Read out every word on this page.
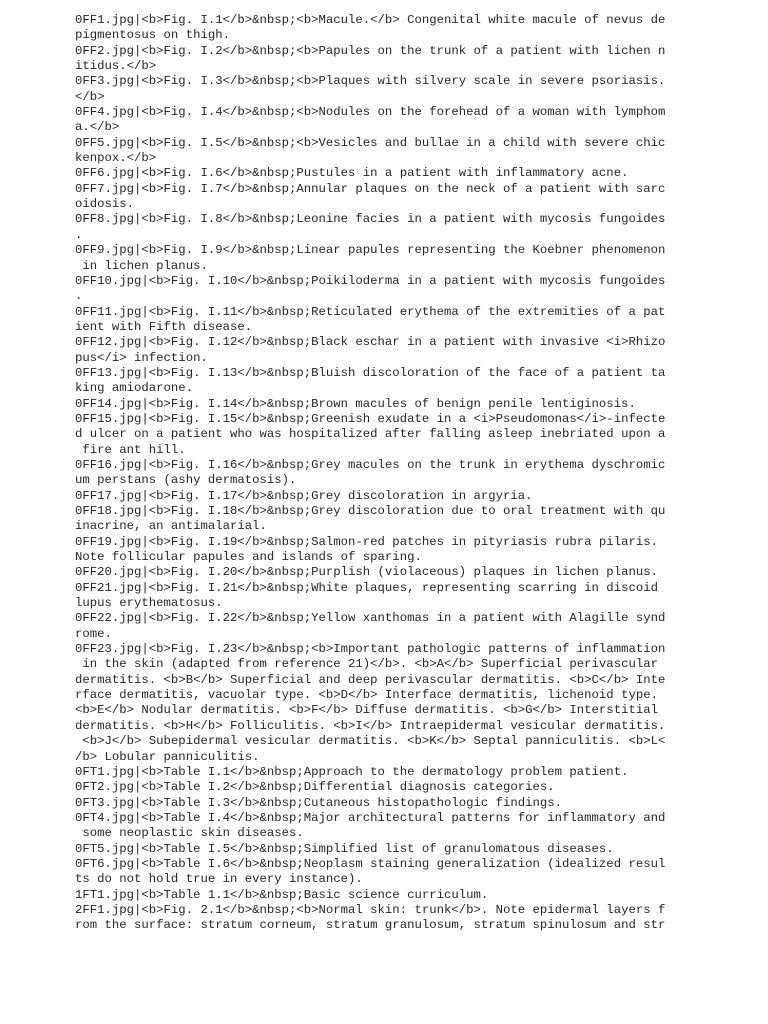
0FF1.jpg|<b>Fig. I.1</b>&nbsp;<b>Macule.</b> Congenital white macule of nevus de
pigmentosus on thigh.
0FF2.jpg|<b>Fig. I.2</b>&nbsp;<b>Papules on the trunk of a patient with lichen n
itidus.</b>
0FF3.jpg|<b>Fig. I.3</b>&nbsp;<b>Plaques with silvery scale in severe psoriasis.
</b>
0FF4.jpg|<b>Fig. I.4</b>&nbsp;<b>Nodules on the forehead of a woman with lymphom
a.</b>
0FF5.jpg|<b>Fig. I.5</b>&nbsp;<b>Vesicles and bullae in a child with severe chic
kenpox.</b>
0FF6.jpg|<b>Fig. I.6</b>&nbsp;Pustules in a patient with inflammatory acne.
0FF7.jpg|<b>Fig. I.7</b>&nbsp;Annular plaques on the neck of a patient with sarc
oidosis.
0FF8.jpg|<b>Fig. I.8</b>&nbsp;Leonine facies in a patient with mycosis fungoides
.
0FF9.jpg|<b>Fig. I.9</b>&nbsp;Linear papules representing the Koebner phenomenon
in lichen planus.
0FF10.jpg|<b>Fig. I.10</b>&nbsp;Poikiloderma in a patient with mycosis fungoides
.
0FF11.jpg|<b>Fig. I.11</b>&nbsp;Reticulated erythema of the extremities of a pat
ient with Fifth disease.
0FF12.jpg|<b>Fig. I.12</b>&nbsp;Black eschar in a patient with invasive <i>Rhizo
pus</i> infection.
0FF13.jpg|<b>Fig. I.13</b>&nbsp;Bluish discoloration of the face of a patient ta
king amiodarone.
0FF14.jpg|<b>Fig. I.14</b>&nbsp;Brown macules of benign penile lentiginosis.
0FF15.jpg|<b>Fig. I.15</b>&nbsp;Greenish exudate in a <i>Pseudomonas</i>-infecte
d ulcer on a patient who was hospitalized after falling asleep inebriated upon a
fire ant hill.
0FF16.jpg|<b>Fig. I.16</b>&nbsp;Grey macules on the trunk in erythema dyschromic
um perstans (ashy dermatosis).
0FF17.jpg|<b>Fig. I.17</b>&nbsp;Grey discoloration in argyria.
0FF18.jpg|<b>Fig. I.18</b>&nbsp;Grey discoloration due to oral treatment with qu
inacrine, an antimalarial.
0FF19.jpg|<b>Fig. I.19</b>&nbsp;Salmon-red patches in pityriasis rubra pilaris.
Note follicular papules and islands of sparing.
0FF20.jpg|<b>Fig. I.20</b>&nbsp;Purplish (violaceous) plaques in lichen planus.
0FF21.jpg|<b>Fig. I.21</b>&nbsp;White plaques, representing scarring in discoid
lupus erythematosus.
0FF22.jpg|<b>Fig. I.22</b>&nbsp;Yellow xanthomas in a patient with Alagille synd
rome.
0FF23.jpg|<b>Fig. I.23</b>&nbsp;<b>Important pathologic patterns of inflammation
in the skin (adapted from reference 21)</b>. <b>A</b> Superficial perivascular
dermatitis. <b>B</b> Superficial and deep perivascular dermatitis. <b>C</b> Inte
rface dermatitis, vacuolar type. <b>D</b> Interface dermatitis, lichenoid type.
<b>E</b> Nodular dermatitis. <b>F</b> Diffuse dermatitis. <b>G</b> Interstitial
dermatitis. <b>H</b> Folliculitis. <b>I</b> Intraepidermal vesicular dermatitis.
<b>J</b> Subepidermal vesicular dermatitis. <b>K</b> Septal panniculitis. <b>L<
/b> Lobular panniculitis.
0FT1.jpg|<b>Table I.1</b>&nbsp;Approach to the dermatology problem patient.
0FT2.jpg|<b>Table I.2</b>&nbsp;Differential diagnosis categories.
0FT3.jpg|<b>Table I.3</b>&nbsp;Cutaneous histopathologic findings.
0FT4.jpg|<b>Table I.4</b>&nbsp;Major architectural patterns for inflammatory and
some neoplastic skin diseases.
0FT5.jpg|<b>Table I.5</b>&nbsp;Simplified list of granulomatous diseases.
0FT6.jpg|<b>Table I.6</b>&nbsp;Neoplasm staining generalization (idealized resul
ts do not hold true in every instance).
1FT1.jpg|<b>Table 1.1</b>&nbsp;Basic science curriculum.
2FF1.jpg|<b>Fig. 2.1</b>&nbsp;<b>Normal skin: trunk</b>. Note epidermal layers f
rom the surface: stratum corneum, stratum granulosum, stratum spinulosum and str
